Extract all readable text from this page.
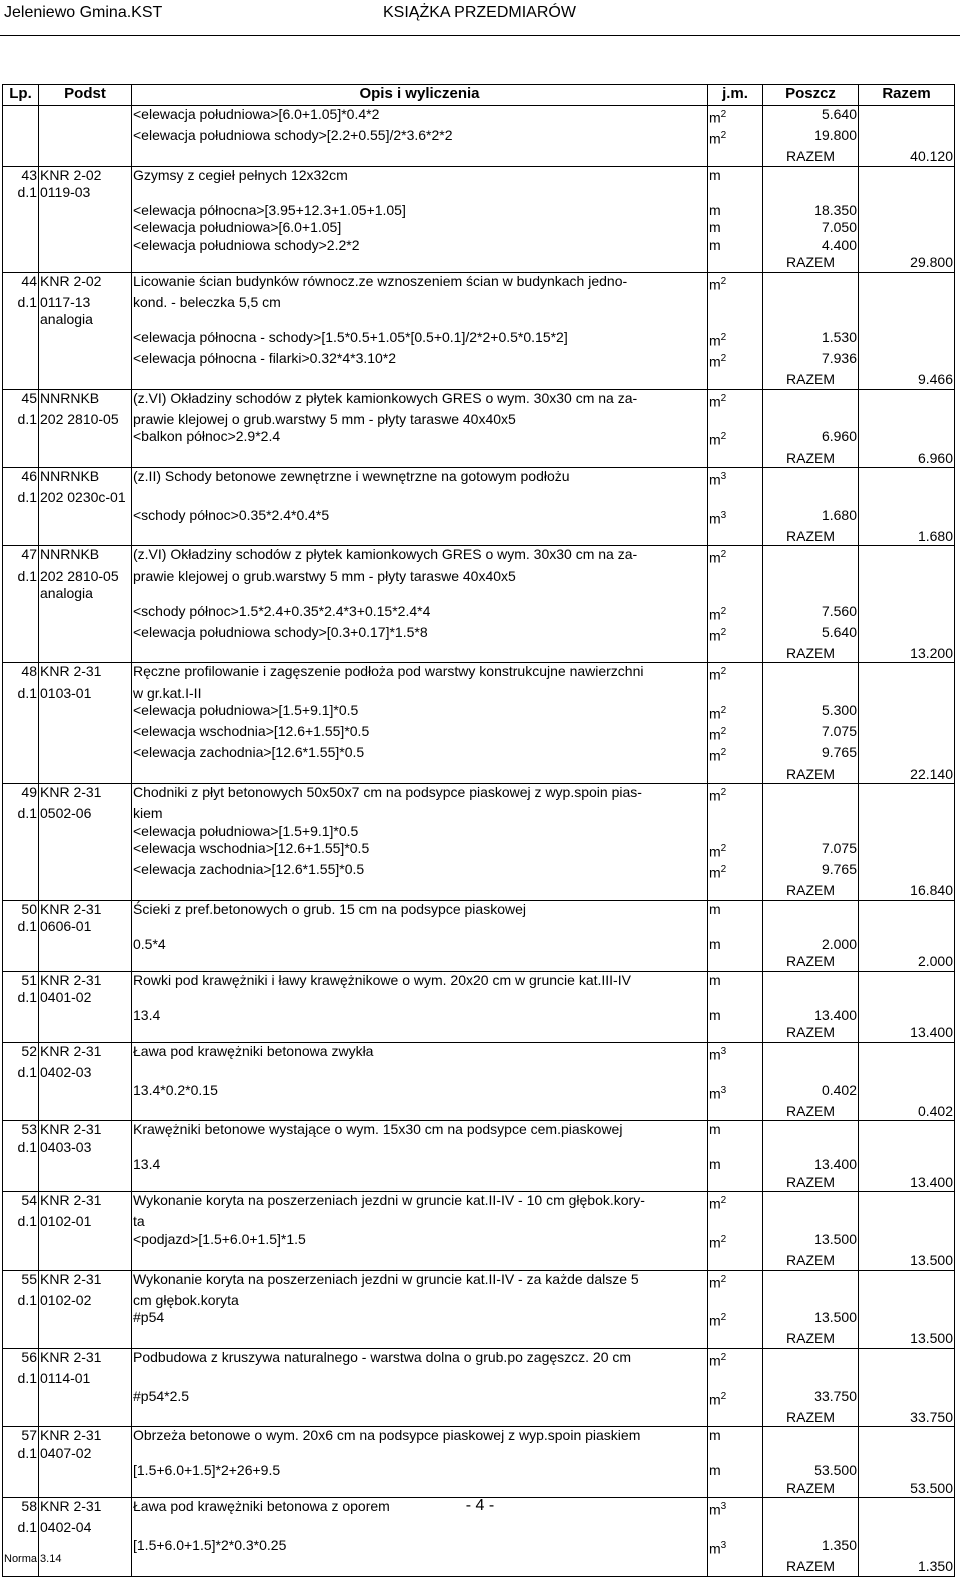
Jeleniewo Gmina.KST	KSIĄŻKA PRZEDMIARÓW
Lp.	Podst	Opis i wyliczenia	j.m.	Poszcz	Razem
		<elewacja południowa>[6.0+1.05]*0.4*2	$m^2$	5.640	
		<elewacja południowa schody>[2.2+0.55]/2*3.6*2*2	$m^2$	19.800	
				RAZEM	40.120
43	KNR 2-02	Gzymsy z cegieł pełnych 12x32cm	m		
d.1	0119-03				
		<elewacja północna>[3.95+12.3+1.05+1.05]	m	18.350	
		<elewacja południowa>[6.0+1.05]	m	7.050	
		<elewacja południowa schody>2.2*2	m	4.400	
				RAZEM	29.800
44	KNR 2-02	Licowanie ścian budynków równocz.ze wznoszeniem ścian w budynkach jedno-	$m^2$		
d.1	0117-13	kond. - beleczka 5,5 cm			
	analogia				
		<elewacja północna - schody>[1.5*0.5+1.05*[0.5+0.1]/2*2+0.5*0.15*2]	$m^2$	1.530	
		<elewacja północna - filarki>0.32*4*3.10*2	$m^2$	7.936	
				RAZEM	9.466
45	NNRNKB	(z.VI) Okładziny schodów z płytek kamionkowych GRES o wym. 30x30 cm na za-	$m^2$		
d.1	202 2810-05	prawie klejowej o grub.warstwy 5 mm - płyty taraswe 40x40x5			
		<balkon północ>2.9*2.4	$m^2$	6.960	
				RAZEM	6.960
46	NNRNKB	(z.II) Schody betonowe zewnętrzne i wewnętrzne na gotowym podłożu	$m^3$		
d.1	202 0230c-01				
		<schody północ>0.35*2.4*0.4*5	$m^3$	1.680	
				RAZEM	1.680
47	NNRNKB	(z.VI) Okładziny schodów z płytek kamionkowych GRES o wym. 30x30 cm na za-	$m^2$		
d.1	202 2810-05	prawie klejowej o grub.warstwy 5 mm - płyty taraswe 40x40x5			
	analogia				
		<schody północ>1.5*2.4+0.35*2.4*3+0.15*2.4*4	$m^2$	7.560	
		<elewacja południowa schody>[0.3+0.17]*1.5*8	$m^2$	5.640	
				RAZEM	13.200
48	KNR 2-31	Ręczne profilowanie i zagęszenie podłoża pod warstwy konstrukcujne nawierzchni	$m^2$		
d.1	0103-01	w gr.kat.I-II			
		<elewacja południowa>[1.5+9.1]*0.5	$m^2$	5.300	
		<elewacja wschodnia>[12.6+1.55]*0.5	$m^2$	7.075	
		<elewacja zachodnia>[12.6*1.55]*0.5	$m^2$	9.765	
				RAZEM	22.140
49	KNR 2-31	Chodniki z płyt betonowych 50x50x7 cm na podsypce piaskowej z wyp.spoin pias-	$m^2$		
d.1	0502-06	kiem			
		<elewacja południowa>[1.5+9.1]*0.5			
		<elewacja wschodnia>[12.6+1.55]*0.5	$m^2$	7.075	
		<elewacja zachodnia>[12.6*1.55]*0.5	$m^2$	9.765	
				RAZEM	16.840
50	KNR 2-31	Ścieki z pref.betonowych o grub. 15 cm na podsypce piaskowej	m		
d.1	0606-01				
		0.5*4	m	2.000	
				RAZEM	2.000
51	KNR 2-31	Rowki pod krawężniki i ławy krawężnikowe o wym. 20x20 cm w gruncie kat.III-IV	m		
d.1	0401-02				
		13.4	m	13.400	
				RAZEM	13.400
52	KNR 2-31	Ława pod krawężniki betonowa zwykła	$m^3$		
d.1	0402-03				
		13.4*0.2*0.15	$m^3$	0.402	
				RAZEM	0.402
53	KNR 2-31	Krawężniki betonowe wystające o wym. 15x30 cm na podsypce cem.piaskowej	m		
d.1	0403-03				
		13.4	m	13.400	
				RAZEM	13.400
54	KNR 2-31	Wykonanie koryta na poszerzeniach jezdni w gruncie kat.II-IV - 10 cm głębok.kory-	$m^2$		
d.1	0102-01	ta			
		<podjazd>[1.5+6.0+1.5]*1.5	$m^2$	13.500	
				RAZEM	13.500
55	KNR 2-31	Wykonanie koryta na poszerzeniach jezdni w gruncie kat.II-IV - za każde dalsze 5	$m^2$		
d.1	0102-02	cm głębok.koryta			
		#p54	$m^2$	13.500	
				RAZEM	13.500
56	KNR 2-31	Podbudowa z kruszywa naturalnego - warstwa dolna o grub.po zagęszcz. 20 cm	$m^2$		
d.1	0114-01				
		#p54*2.5	$m^2$	33.750	
				RAZEM	33.750
57	KNR 2-31	Obrzeża betonowe o wym. 20x6 cm na podsypce piaskowej z wyp.spoin piaskiem	m		
d.1	0407-02				
		[1.5+6.0+1.5]*2+26+9.5	m	53.500	
				RAZEM	53.500
58	KNR 2-31	Ława pod krawężniki betonowa z oporem	$m^3$		
d.1	0402-04				
		[1.5+6.0+1.5]*2*0.3*0.25	$m^3$	1.350	
				RAZEM	1.350
- 4 -
Norma 3.14
